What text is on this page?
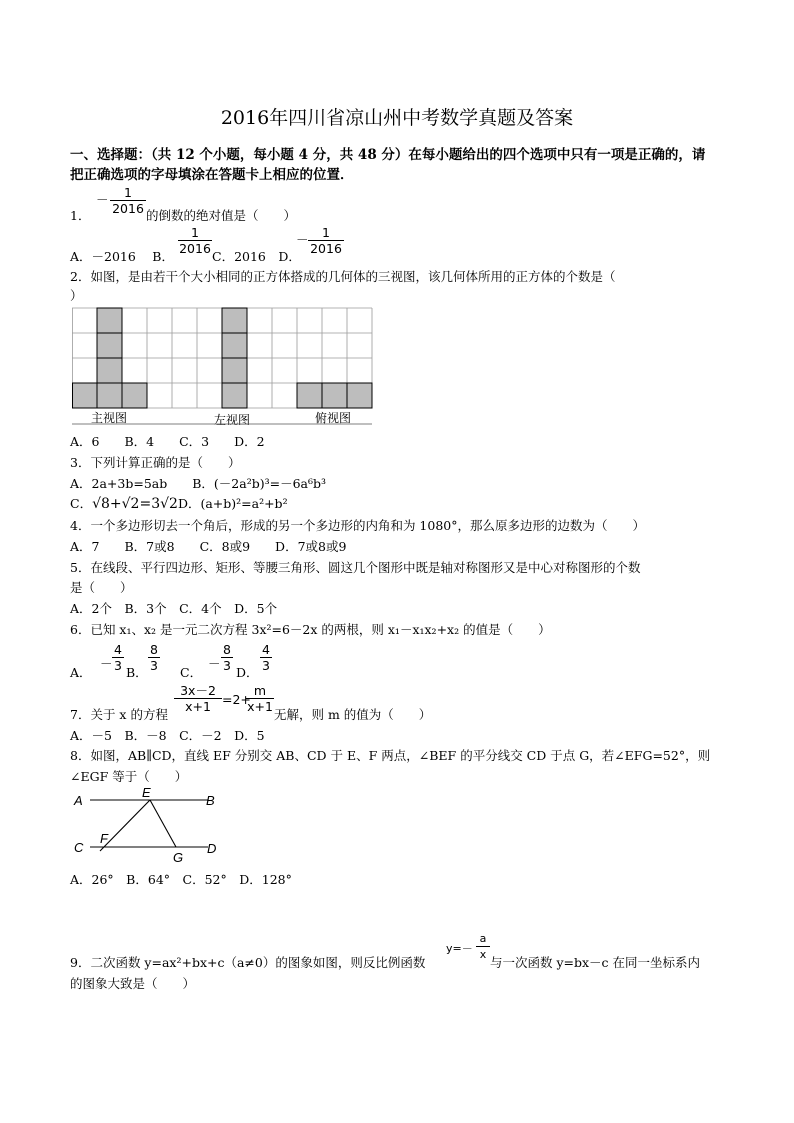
2016年四川省凉山州中考数学真题及答案
一、选择题：（共 12 个小题，每小题 4 分，共 48 分）在每小题给出的四个选项中只有一项是正确的，请
把正确选项的字母填涂在答题卡上相应的位置．
1．
－	1
2016 的倒数的绝对值是（　　）
A．－2016　 B．
1
2016
C．2016　D．
－	1
2016
2．如图，是由若干个大小相同的正方体搭成的几何体的三视图，该几何体所用的正方体的个数是（
）
主视图	左视图	俯视图
A．6　　B．4　　C．3　　D．2
3．下列计算正确的是（　　）
A．2a+3b=5ab　　B．(－2a²b)³=－6a⁶b³
C．√8+√2=3√2D．(a+b)²=a²+b²
4．一个多边形切去一个角后，形成的另一个多边形的内角和为 1080°，那么原多边形的边数为（　　）
A．7　　B．7或8　　C．8或9　　D．7或8或9
5．在线段、平行四边形、矩形、等腰三角形、圆这几个图形中既是轴对称图形又是中心对称图形的个数
是（　　）
A．2个　B．3个　C．4个　D．5个
6．已知 x₁、x₂ 是一元二次方程 3x²=6－2x 的两根，则 x₁－x₁x₂+x₂ 的值是（　　）
A．
－
4
3 B．
8
3 C．
－
8
3 D．
4
3
7．关于 x 的方程
3x－2
x+1 =2+
m
x+1
无解，则 m 的值为（　　）
A．－5　B．－8　C．－2　D．5
8．如图，AB∥CD，直线 EF 分别交 AB、CD 于 E、F 两点，∠BEF 的平分线交 CD 于点 G，若∠EFG=52°，则
∠EGF 等于（　　）
A	B
C	D
E
F
G
A．26°　B．64°　C．52°　D．128°
9．二次函数 y=ax²+bx+c（a≠0）的图象如图，则反比例函数
y=－
a
x
与一次函数 y=bx－c 在同一坐标系内
的图象大致是（　　）
